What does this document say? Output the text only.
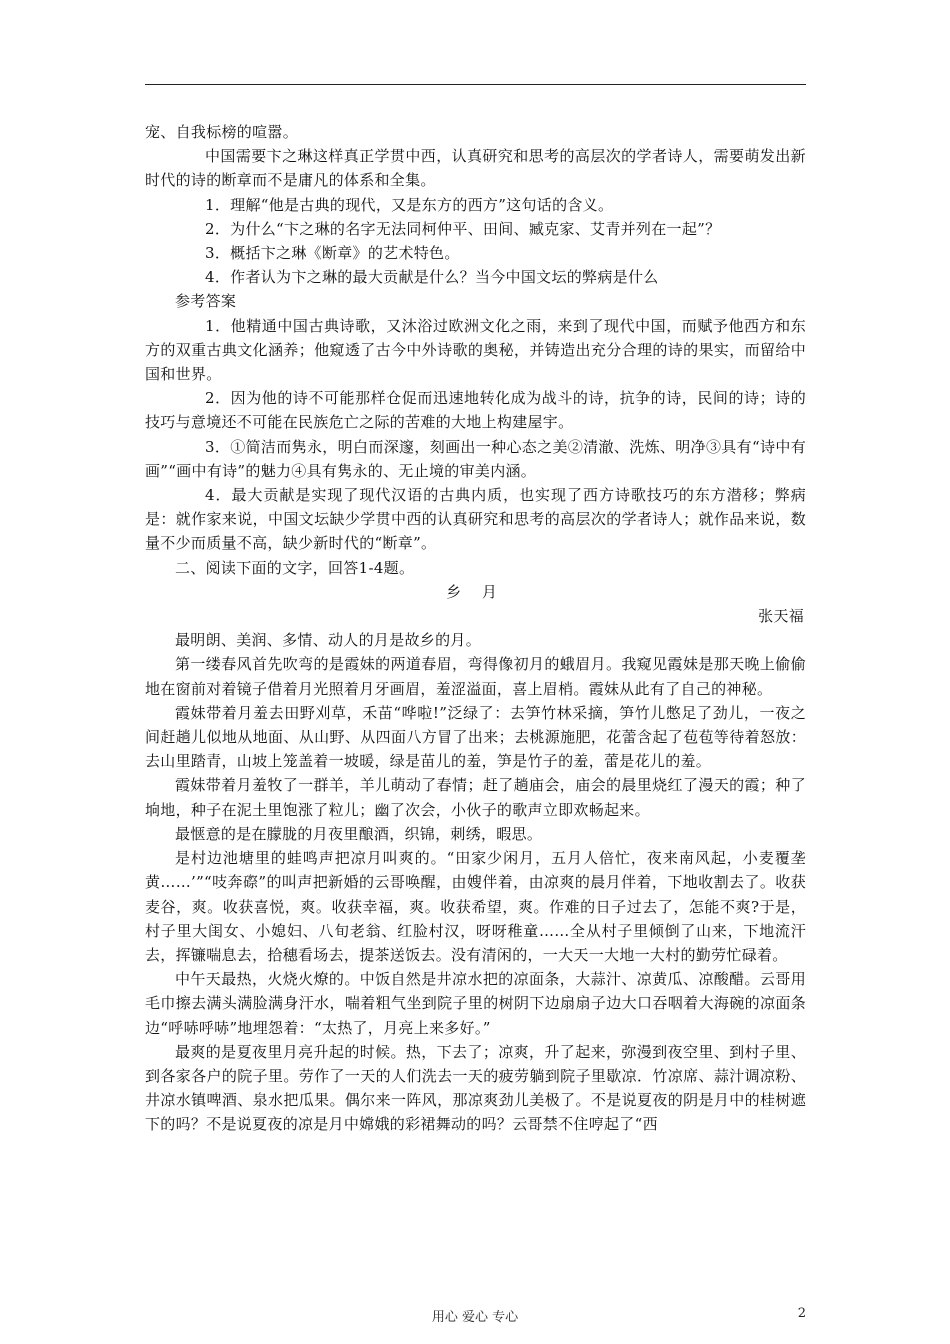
宠、自我标榜的喧嚣。

中国需要卞之琳这样真正学贯中西，认真研究和思考的高层次的学者诗人，需要萌发出新时代的诗的断章而不是庸凡的体系和全集。

1．理解“他是古典的现代，又是东方的西方”这句话的含义。

2．为什么“卞之琳的名字无法同柯仲平、田间、臧克家、艾青并列在一起”？

3．概括卞之琳《断章》的艺术特色。

4．作者认为卞之琳的最大贡献是什么？当今中国文坛的弊病是什么

参考答案

1．他精通中国古典诗歌，又沐浴过欧洲文化之雨，来到了现代中国，而赋予他西方和东方的双重古典文化涵养；他窥透了古今中外诗歌的奥秘，并铸造出充分合理的诗的果实，而留给中国和世界。

2．因为他的诗不可能那样仓促而迅速地转化成为战斗的诗，抗争的诗，民间的诗；诗的技巧与意境还不可能在民族危亡之际的苦难的大地上构建屋宇。

3．①简洁而隽永，明白而深邃，刻画出一种心态之美②清澈、洗炼、明净③具有“诗中有画”“画中有诗”的魅力④具有隽永的、无止境的审美内涵。

4．最大贡献是实现了现代汉语的古典内质，也实现了西方诗歌技巧的东方潜移；弊病是：就作家来说，中国文坛缺少学贯中西的认真研究和思考的高层次的学者诗人；就作品来说，数量不少而质量不高，缺少新时代的“断章”。

二、阅读下面的文字，回答1-4题。

乡 月

张天福

最明朗、美润、多情、动人的月是故乡的月。

第一缕春风首先吹弯的是霞妹的两道春眉，弯得像初月的蛾眉月。我窥见霞妹是那天晚上偷偷地在窗前对着镜子借着月光照着月牙画眉，羞涩溢面，喜上眉梢。霞妹从此有了自己的神秘。

霞妹带着月羞去田野刈草，禾苗“哗啦!”泛绿了：去笋竹林采摘，笋竹儿憋足了劲儿，一夜之间赶趟儿似地从地面、从山野、从四面八方冒了出来；去桃源施肥，花蕾含起了苞苞等待着怒放：去山里踏青，山坡上笼盖着一坡暖，绿是苗儿的羞，笋是竹子的羞，蕾是花儿的羞。

霞妹带着月羞牧了一群羊，羊儿萌动了春情；赶了趟庙会，庙会的晨里烧红了漫天的霞；种了垧地，种子在泥土里饱涨了粒儿；幽了次会，小伙子的歌声立即欢畅起来。

最惬意的是在朦胧的月夜里酿酒，织锦，刺绣，暇思。

是村边池塘里的蛙鸣声把凉月叫爽的。“田家少闲月，五月人倍忙，夜来南风起，小麦覆垄黄……’”“吱奔磜”的叫声把新婚的云哥唤醒，由嫂伴着，由凉爽的晨月伴着，下地收割去了。收获麦谷，爽。收获喜悦，爽。收获幸福，爽。收获希望，爽。作难的日子过去了，怎能不爽?于是，村子里大闺女、小媳妇、八旬老翁、红脸村汉，呀呀稚童……全从村子里倾倒了山来，下地流汗去，挥镰喘息去，拾穗看场去，提茶送饭去。没有清闲的，一大天一大地一大村的勤劳忙碌着。

中午天最热，火烧火燎的。中饭自然是井凉水把的凉面条，大蒜汁、凉黄瓜、凉酸醋。云哥用毛巾擦去满头满脸满身汗水，喘着粗气坐到院子里的树阴下边扇扇子边大口吞咽着大海碗的凉面条边“呼哧呼哧”地埋怨着：“太热了，月亮上来多好。”

最爽的是夏夜里月亮升起的时候。热，下去了；凉爽，升了起来，弥漫到夜空里、到村子里、到各家各户的院子里。劳作了一天的人们洗去一天的疲劳躺到院子里歇凉．竹凉席、蒜汁调凉粉、井凉水镇啤酒、泉水把瓜果。偶尔来一阵风，那凉爽劲儿美极了。不是说夏夜的阴是月中的桂树遮下的吗？不是说夏夜的凉是月中嫦娥的彩裙舞动的吗？云哥禁不住哼起了“西

用心 爱心 专心	2
